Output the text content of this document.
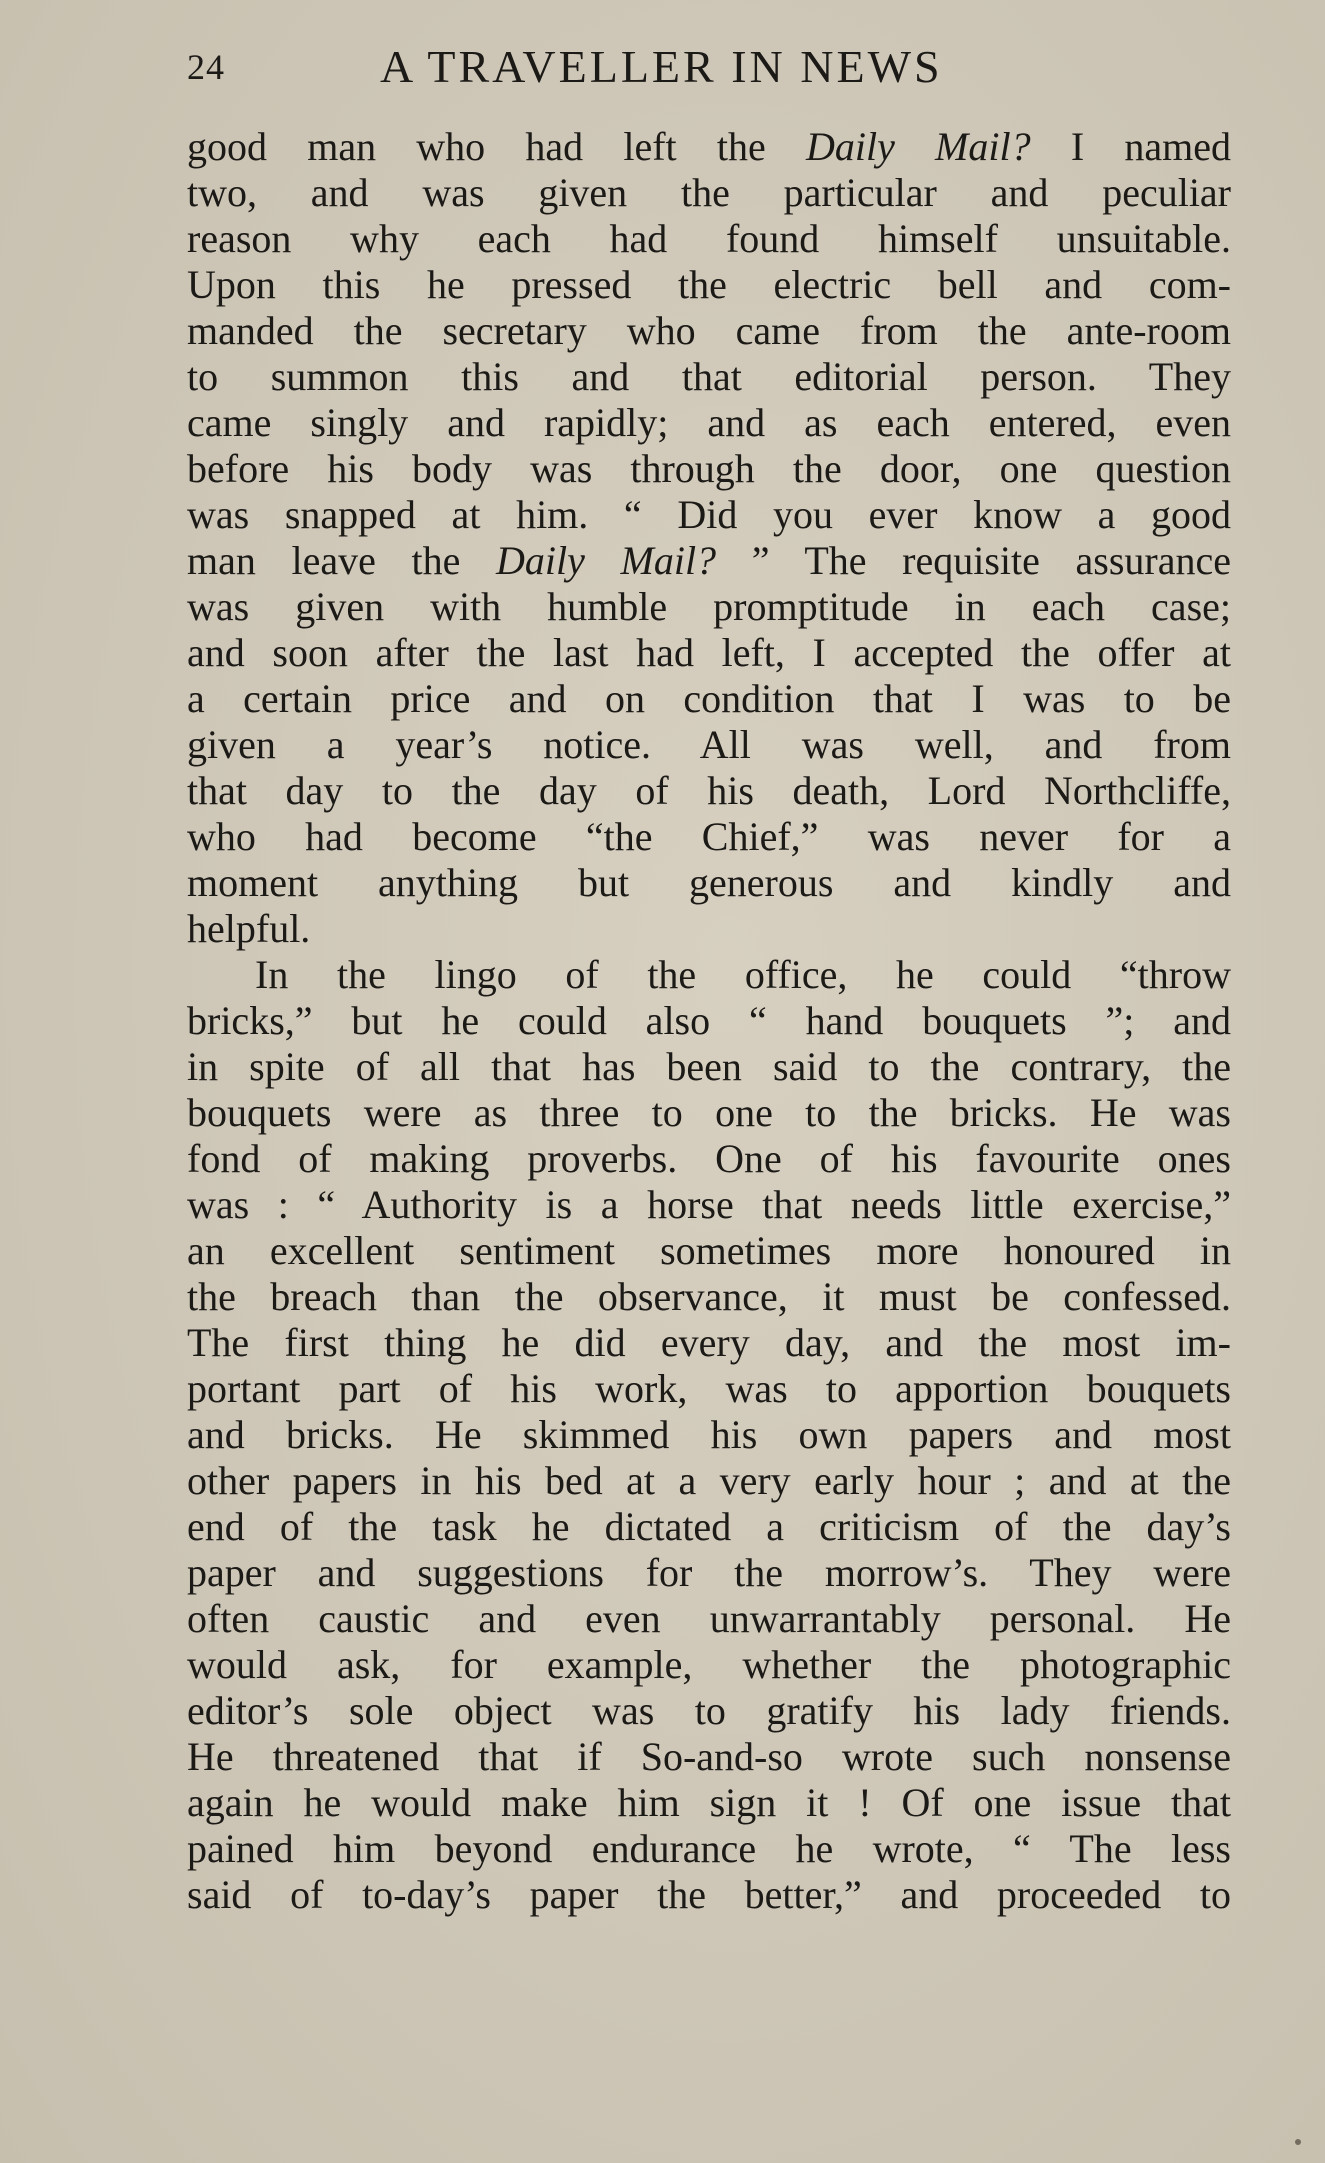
24	A TRAVELLER IN NEWS
good man who had left the Daily Mail? I named
two, and was given the particular and peculiar
reason why each had found himself unsuitable.
Upon this he pressed the electric bell and com-
manded the secretary who came from the ante-room
to summon this and that editorial person. They
came singly and rapidly; and as each entered, even
before his body was through the door, one question
was snapped at him. “ Did you ever know a good
man leave the Daily Mail? ” The requisite assurance
was given with humble promptitude in each case;
and soon after the last had left, I accepted the offer at
a certain price and on condition that I was to be
given a year’s notice. All was well, and from
that day to the day of his death, Lord Northcliffe,
who had become “the Chief,” was never for a
moment anything but generous and kindly and
helpful.
In the lingo of the office, he could “throw
bricks,” but he could also “ hand bouquets ”; and
in spite of all that has been said to the contrary, the
bouquets were as three to one to the bricks. He was
fond of making proverbs. One of his favourite ones
was : “ Authority is a horse that needs little exercise,”
an excellent sentiment sometimes more honoured in
the breach than the observance, it must be confessed.
The first thing he did every day, and the most im-
portant part of his work, was to apportion bouquets
and bricks. He skimmed his own papers and most
other papers in his bed at a very early hour ; and at the
end of the task he dictated a criticism of the day’s
paper and suggestions for the morrow’s. They were
often caustic and even unwarrantably personal. He
would ask, for example, whether the photographic
editor’s sole object was to gratify his lady friends.
He threatened that if So-and-so wrote such nonsense
again he would make him sign it ! Of one issue that
pained him beyond endurance he wrote, “ The less
said of to-day’s paper the better,” and proceeded to
